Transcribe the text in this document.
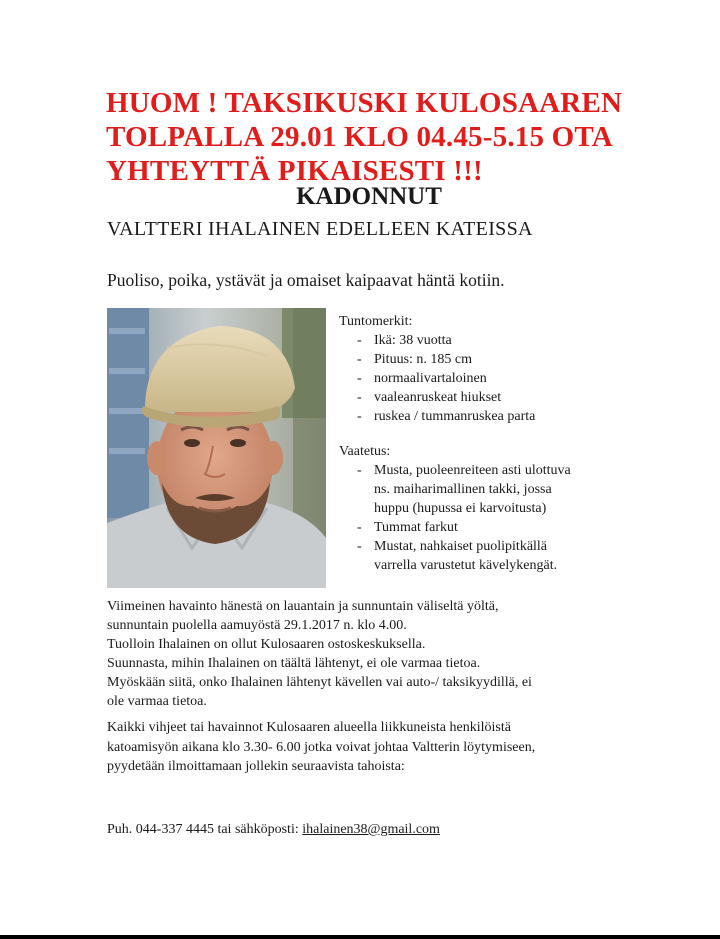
HUOM ! TAKSIKUSKI KULOSAAREN
TOLPALLA 29.01 KLO 04.45-5.15 OTA
YHTEYTTÄ PIKAISESTI !!!

KADONNUT

VALTTERI IHALAINEN EDELLEEN KATEISSA

Puoliso, poika, ystävät ja omaiset kaipaavat häntä kotiin.

Tuntomerkit:

- Ikä: 38 vuotta
- Pituus: n. 185 cm
- normaalivartaloinen
- vaaleanruskeat hiukset
- ruskea / tummanruskea parta

Vaatetus:

- Musta, puoleenreiteen asti ulottuva
ns. maiharimallinen takki, jossa
huppu (hupussa ei karvoitusta)
- Tummat farkut
- Mustat, nahkaiset puolipitkällä
varrella varustetut kävelykengät.

Viimeinen havainto hänestä on lauantain ja sunnuntain väliseltä yöltä,
sunnuntain puolella aamuyöstä 29.1.2017 n. klo 4.00.
Tuolloin Ihalainen on ollut Kulosaaren ostoskeskuksella.
Suunnasta, mihin Ihalainen on täältä lähtenyt, ei ole varmaa tietoa.
Myöskään siitä, onko Ihalainen lähtenyt kävellen vai auto-/ taksikyydillä, ei
ole varmaa tietoa.

Kaikki vihjeet tai havainnot Kulosaaren alueella liikkuneista henkilöistä
katoamisyön aikana klo 3.30- 6.00 jotka voivat johtaa Valtterin löytymiseen,
pyydetään ilmoittamaan jollekin seuraavista tahoista:

Puh. 044-337 4445 tai sähköposti: ihalainen38@gmail.com
